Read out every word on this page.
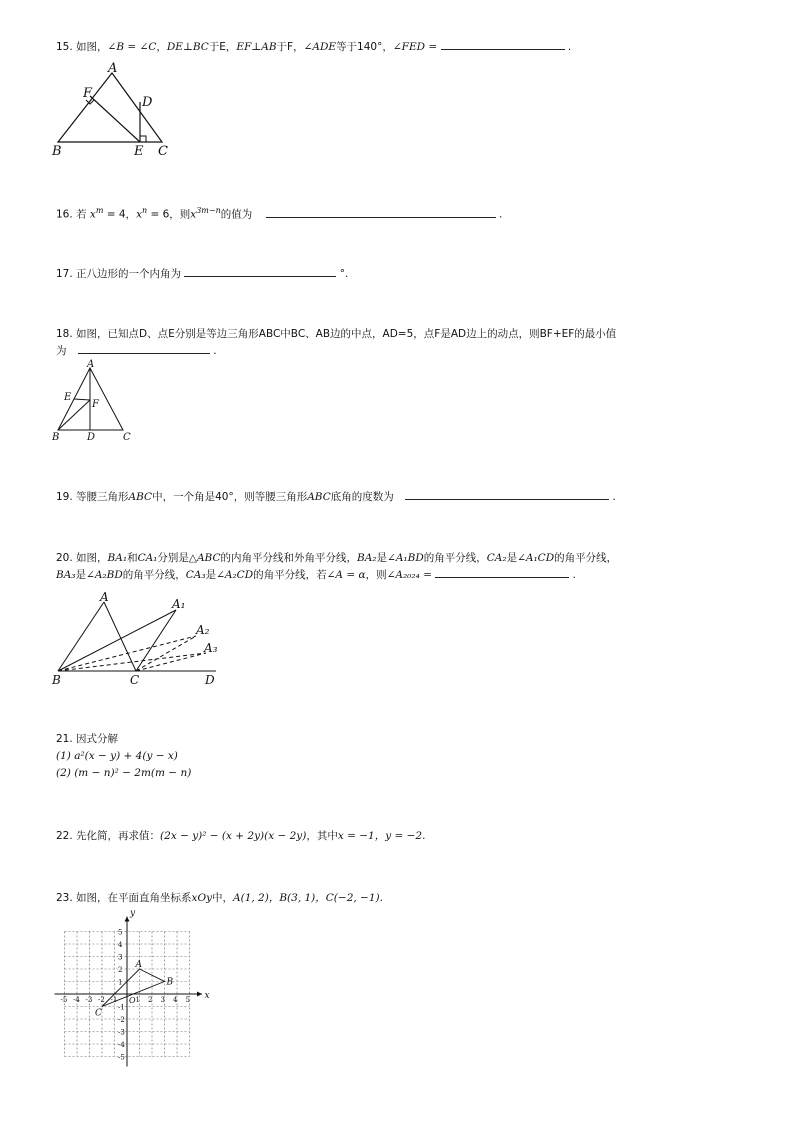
15. 如图，∠B = ∠C，DE⊥BC于E，EF⊥AB于F，∠ADE等于140°，∠FED =	.
A
F
D
B	E C
16. 若 $x^m = 4$，$x^n = 6$，则$x^{3m-n}$的值为	.
17. 正八边形的一个内角为	°.
18. 如图，已知点D、点E分别是等边三角形ABC中BC、AB边的中点，AD=5，点F是AD边上的动点，则BF+EF的最小值
为	.
A
E
F
B	D	C
19. 等腰三角形ABC中，一个角是40°，则等腰三角形ABC底角的度数为	.
20. 如图，BA₁和CA₁分别是△ABC的内角平分线和外角平分线，BA₂是∠A₁BD的角平分线，CA₂是∠A₁CD的角平分线，
BA₃是∠A₂BD的角平分线，CA₃是∠A₂CD的角平分线，若∠A = α，则∠A₂₀₂₄ =	.
A	A₁
A₂
A₃
B	C	D
21. 因式分解
(1) a²(x − y) + 4(y − x)
(2) (m − n)² − 2m(m − n)
22. 先化简，再求值：(2x − y)² − (x + 2y)(x − 2y)，其中x = −1，y = −2.
23. 如图，在平面直角坐标系xOy中，A(1, 2)，B(3, 1)，C(−2, −1).
-5 -4 -3 -2 -1	1 2 3 4 5
5
4
3
2
1
-1
-2
-3
-4
-5
x
y
O
A
B
C
